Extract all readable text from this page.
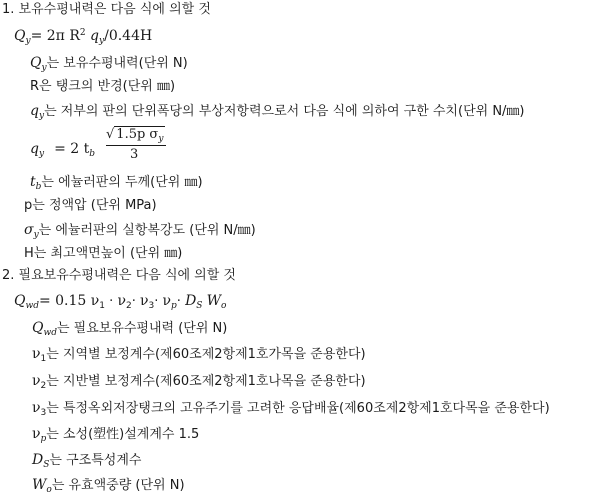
1. 보유수평내력은 다음 식에 의할 것
$Q_y= 2\pi$ $R^2$ $q_y/0.44H$
$Q_y$는 보유수평내력(단위 N)
R은 탱크의 반경(단위 ㎜)
$q_y$는 저부의 판의 단위폭당의 부상저항력으로서 다음 식에 의하여 구한 수치(단위 N/㎜)
$q_y = 2$ $t_b$
√ 1.5p $\sigma_y$
3
$t_b$는 에뉼러판의 두께(단위 ㎜)
p는 정액압 (단위 MPa)
$\sigma_y$는 에뉼러판의 실항복강도 (단위 N/㎜)
H는 최고액면높이 (단위 ㎜)
2. 필요보유수평내력은 다음 식에 의할 것
$Q_{wd}= 0.15$ $\nu_1 \cdot \nu_2\cdot \nu_3\cdot \nu_p\cdot D_S$ $W_o$
$Q_{wd}$는 필요보유수평내력 (단위 N)
$\nu_1$는 지역별 보정계수(제60조제2항제1호가목을 준용한다)
$\nu_2$는 지반별 보정계수(제60조제2항제1호나목을 준용한다)
$\nu_3$는 특정옥외저장탱크의 고유주기를 고려한 응답배율(제60조제2항제1호다목을 준용한다)
$\nu_p$는 소성(塑性)설계계수 1.5
$D_S$는 구조특성계수
$W_o$는 유효액중량 (단위 N)
